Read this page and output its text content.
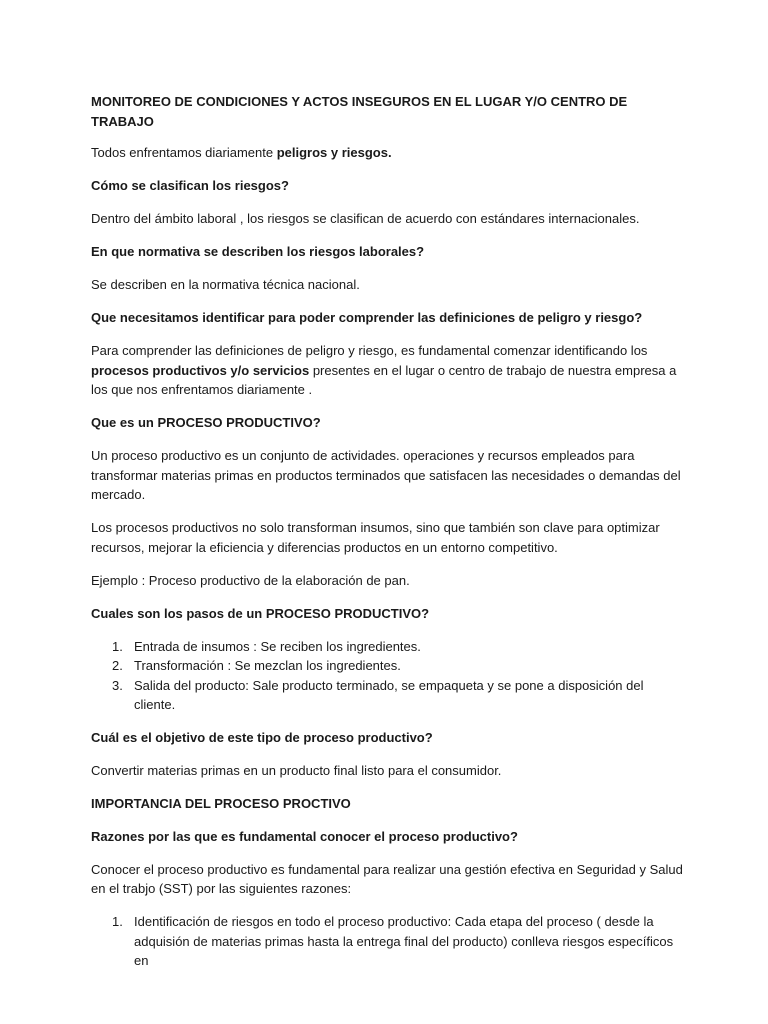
MONITOREO DE CONDICIONES Y ACTOS INSEGUROS EN EL LUGAR Y/O CENTRO DE TRABAJO

Todos enfrentamos diariamente peligros y riesgos.

Cómo se clasifican los riesgos?

Dentro del ámbito laboral , los riesgos se clasifican de acuerdo con estándares internacionales.

En que normativa se describen los riesgos laborales?

Se describen en la normativa técnica nacional.

Que necesitamos identificar para poder comprender las definiciones de peligro y riesgo?

Para comprender las definiciones de peligro y riesgo, es fundamental comenzar identificando los procesos productivos y/o servicios presentes en el lugar o centro de trabajo de nuestra empresa a los que nos enfrentamos diariamente .

Que es un PROCESO PRODUCTIVO?

Un proceso productivo es un conjunto de actividades. operaciones y recursos empleados para transformar materias primas en productos terminados que satisfacen las necesidades o demandas del mercado.

Los procesos productivos no solo transforman insumos, sino que también son clave para optimizar recursos, mejorar la eficiencia y diferencias productos en un entorno competitivo.

Ejemplo : Proceso productivo de la elaboración de pan.

Cuales son los pasos de un PROCESO PRODUCTIVO?

1. Entrada de insumos : Se reciben los ingredientes.
2. Transformación : Se mezclan los ingredientes.
3. Salida del producto: Sale producto terminado, se empaqueta y se pone a disposición del cliente.

Cuál es el objetivo de este tipo de proceso productivo?

Convertir materias primas en un producto final listo para el consumidor.

IMPORTANCIA DEL PROCESO PROCTIVO

Razones por las que es fundamental conocer el proceso productivo?

Conocer el proceso productivo es fundamental para realizar una gestión efectiva en Seguridad y Salud en el trabjo (SST) por las siguientes razones:

1. Identificación de riesgos en todo el proceso productivo: Cada etapa del proceso ( desde la adquisión de materias primas hasta la entrega final del producto) conlleva riesgos específicos en
